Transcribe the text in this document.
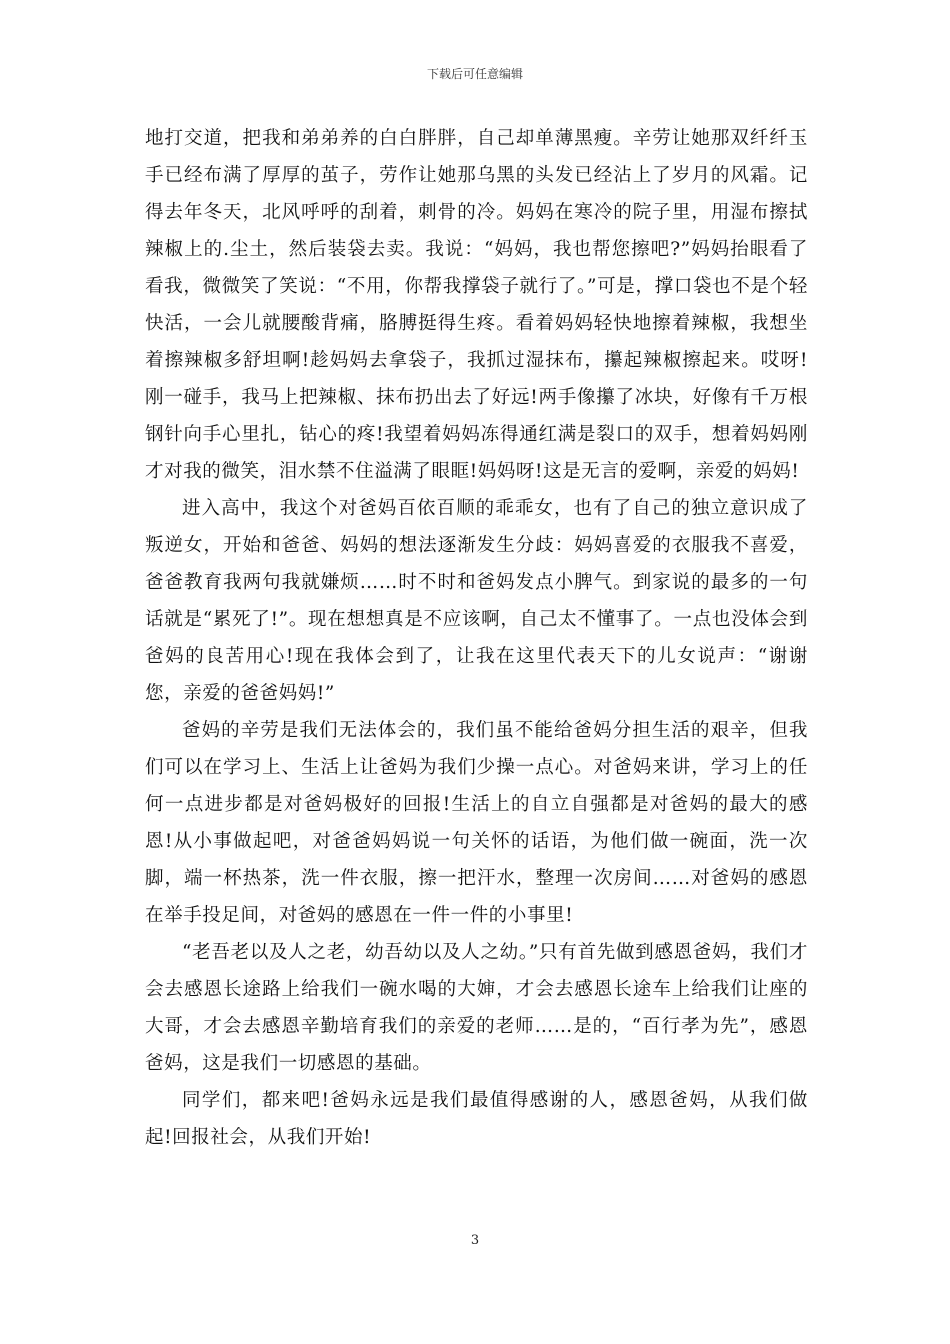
下载后可任意编辑

地打交道，把我和弟弟养的白白胖胖，自己却单薄黑瘦。辛劳让她那双纤纤玉手已经布满了厚厚的茧子，劳作让她那乌黑的头发已经沾上了岁月的风霜。记得去年冬天，北风呼呼的刮着，刺骨的冷。妈妈在寒冷的院子里，用湿布擦拭辣椒上的.尘土，然后装袋去卖。我说：“妈妈，我也帮您擦吧?”妈妈抬眼看了看我，微微笑了笑说：“不用，你帮我撑袋子就行了。”可是，撑口袋也不是个轻快活，一会儿就腰酸背痛，胳膊挺得生疼。看着妈妈轻快地擦着辣椒，我想坐着擦辣椒多舒坦啊!趁妈妈去拿袋子，我抓过湿抹布，攥起辣椒擦起来。哎呀!刚一碰手，我马上把辣椒、抹布扔出去了好远!两手像攥了冰块，好像有千万根钢针向手心里扎，钻心的疼!我望着妈妈冻得通红满是裂口的双手，想着妈妈刚才对我的微笑，泪水禁不住溢满了眼眶!妈妈呀!这是无言的爱啊，亲爱的妈妈!

进入高中，我这个对爸妈百依百顺的乖乖女，也有了自己的独立意识成了叛逆女，开始和爸爸、妈妈的想法逐渐发生分歧：妈妈喜爱的衣服我不喜爱，爸爸教育我两句我就嫌烦……时不时和爸妈发点小脾气。到家说的最多的一句话就是“累死了!”。现在想想真是不应该啊，自己太不懂事了。一点也没体会到爸妈的良苦用心!现在我体会到了，让我在这里代表天下的儿女说声：“谢谢您，亲爱的爸爸妈妈!”

爸妈的辛劳是我们无法体会的，我们虽不能给爸妈分担生活的艰辛，但我们可以在学习上、生活上让爸妈为我们少操一点心。对爸妈来讲，学习上的任何一点进步都是对爸妈极好的回报!生活上的自立自强都是对爸妈的最大的感恩!从小事做起吧，对爸爸妈妈说一句关怀的话语，为他们做一碗面，洗一次脚，端一杯热茶，洗一件衣服，擦一把汗水，整理一次房间……对爸妈的感恩在举手投足间，对爸妈的感恩在一件一件的小事里!

“老吾老以及人之老，幼吾幼以及人之幼。”只有首先做到感恩爸妈，我们才会去感恩长途路上给我们一碗水喝的大婶，才会去感恩长途车上给我们让座的大哥，才会去感恩辛勤培育我们的亲爱的老师……是的，“百行孝为先”，感恩爸妈，这是我们一切感恩的基础。

同学们，都来吧!爸妈永远是我们最值得感谢的人，感恩爸妈，从我们做起!回报社会，从我们开始!

3
